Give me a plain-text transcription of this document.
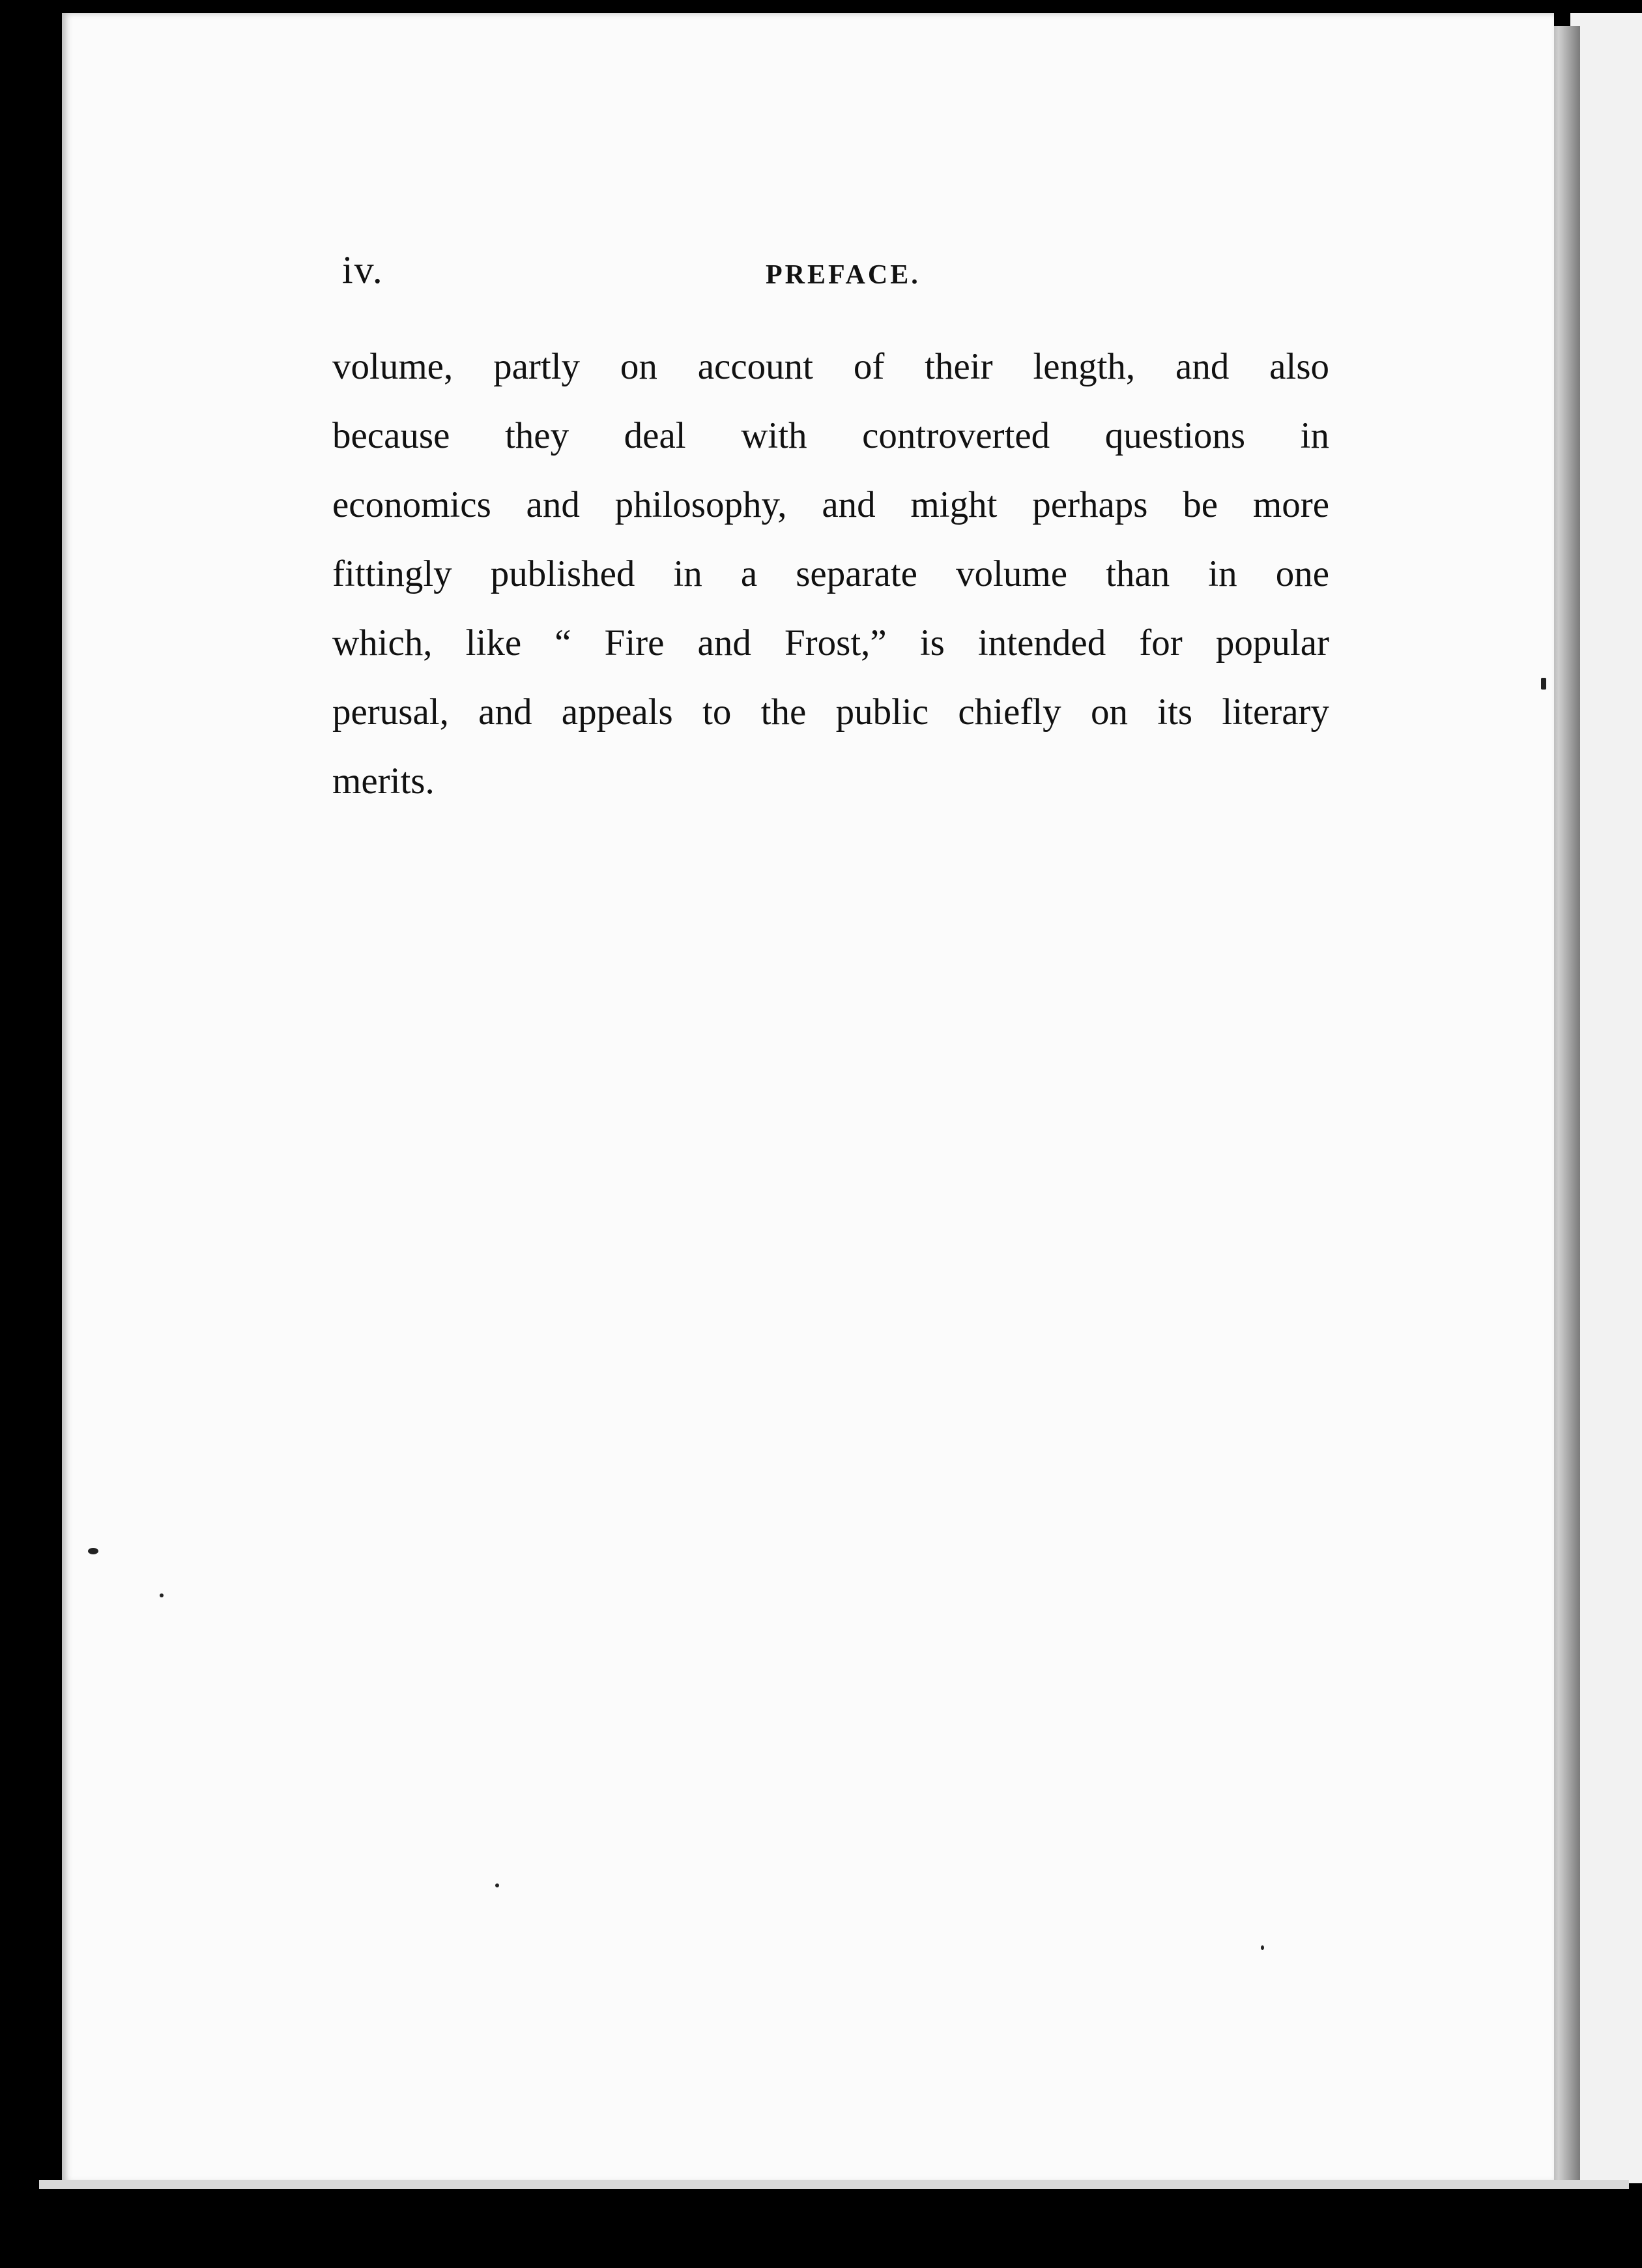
iv.	PREFACE.
volume, partly on account of their length, and also
because they deal with controverted questions in
economics and philosophy, and might perhaps be more
fittingly published in a separate volume than in one
which, like “ Fire and Frost,” is intended for popular
perusal, and appeals to the public chiefly on its literary
merits.
